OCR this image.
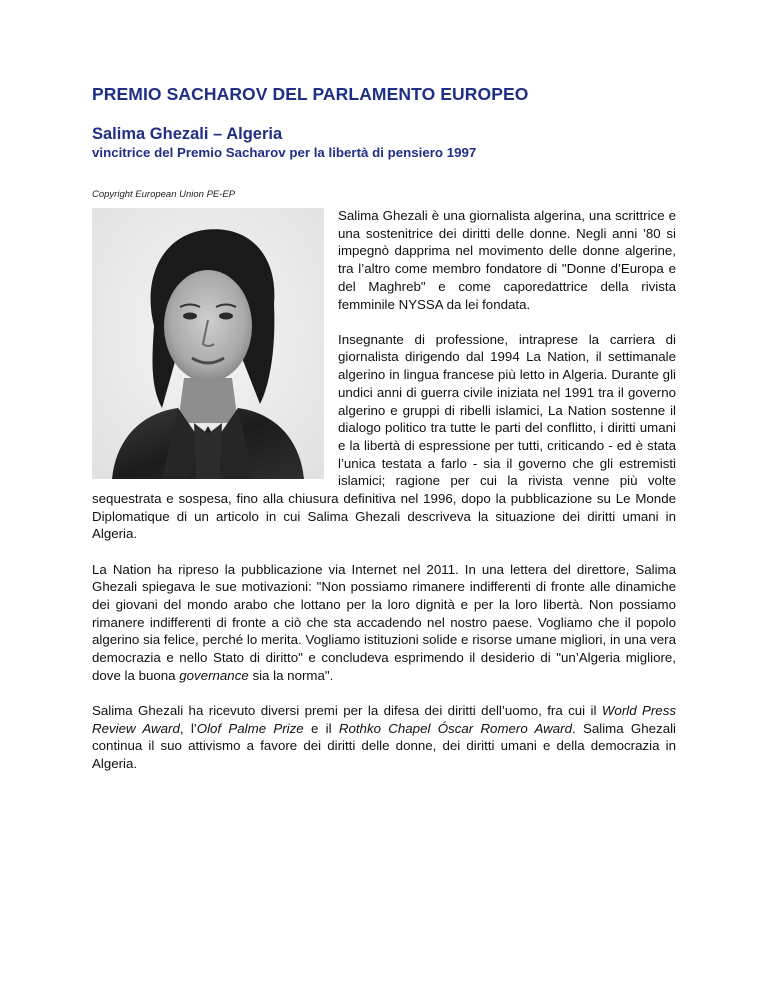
PREMIO SACHAROV DEL PARLAMENTO EUROPEO
Salima Ghezali – Algeria
vincitrice del Premio Sacharov per la libertà di pensiero 1997
Copyright European Union PE-EP

Salima Ghezali è una giornalista algerina, una scrittrice e una sostenitrice dei diritti delle donne. Negli anni ’80 si impegnò dapprima nel movimento delle donne algerine, tra l’altro come membro fondatore di "Donne d’Europa e del Maghreb" e come caporedattrice della rivista femminile NYSSA da lei fondata.

Insegnante di professione, intraprese la carriera di giornalista dirigendo dal 1994 La Nation, il settimanale algerino in lingua francese più letto in Algeria. Durante gli undici anni di guerra civile iniziata nel 1991 tra il governo algerino e gruppi di ribelli islamici, La Nation sostenne il dialogo politico tra tutte le parti del conflitto, i diritti umani e la libertà di espressione per tutti, criticando - ed è stata l’unica testata a farlo - sia il governo che gli estremisti islamici; ragione per cui la rivista venne più volte sequestrata e sospesa, fino alla chiusura definitiva nel 1996, dopo la pubblicazione su Le Monde Diplomatique di un articolo in cui Salima Ghezali descriveva la situazione dei diritti umani in Algeria.

La Nation ha ripreso la pubblicazione via Internet nel 2011. In una lettera del direttore, Salima Ghezali spiegava le sue motivazioni: "Non possiamo rimanere indifferenti di fronte alle dinamiche dei giovani del mondo arabo che lottano per la loro dignità e per la loro libertà. Non possiamo rimanere indifferenti di fronte a ciò che sta accadendo nel nostro paese. Vogliamo che il popolo algerino sia felice, perché lo merita. Vogliamo istituzioni solide e risorse umane migliori, in una vera democrazia e nello Stato di diritto" e concludeva esprimendo il desiderio di "un’Algeria migliore, dove la buona governance sia la norma".

Salima Ghezali ha ricevuto diversi premi per la difesa dei diritti dell’uomo, fra cui il World Press Review Award, l’Olof Palme Prize e il Rothko Chapel Óscar Romero Award. Salima Ghezali continua il suo attivismo a favore dei diritti delle donne, dei diritti umani e della democrazia in Algeria.
